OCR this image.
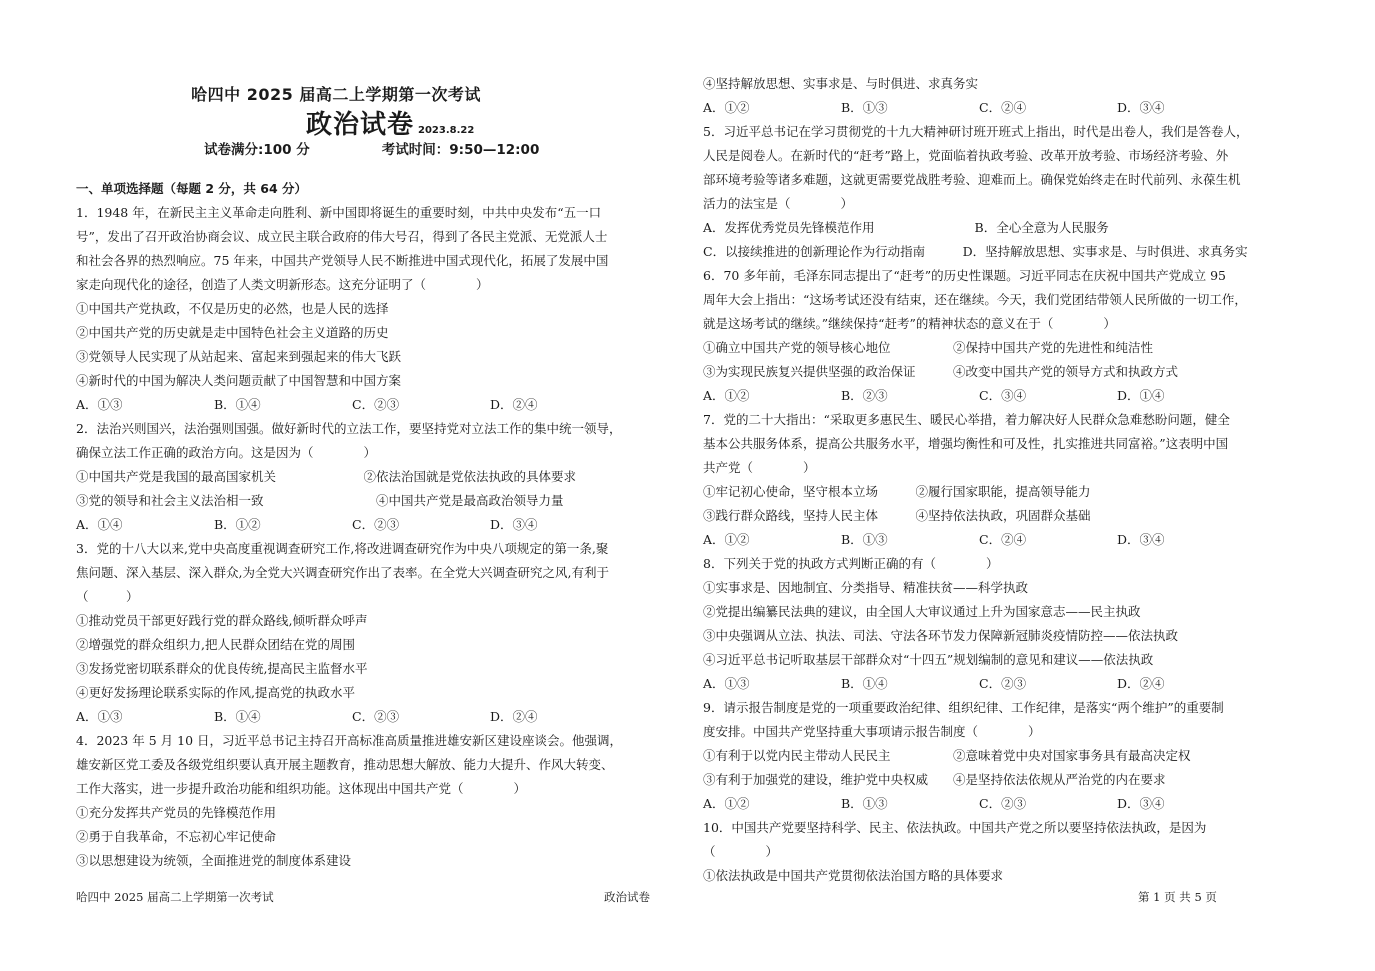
哈四中 2025 届高二上学期第一次考试
政治试卷 2023.8.22
试卷满分:100 分	考试时间：9:50—12:00
一、单项选择题（每题 2 分，共 64 分）
1．1948 年，在新民主主义革命走向胜利、新中国即将诞生的重要时刻，中共中央发布“五一口
号”，发出了召开政治协商会议、成立民主联合政府的伟大号召，得到了各民主党派、无党派人士
和社会各界的热烈响应。75 年来，中国共产党领导人民不断推进中国式现代化，拓展了发展中国
家走向现代化的途径，创造了人类文明新形态。这充分证明了（　　　　）
①中国共产党执政，不仅是历史的必然，也是人民的选择
②中国共产党的历史就是走中国特色社会主义道路的历史
③党领导人民实现了从站起来、富起来到强起来的伟大飞跃
④新时代的中国为解决人类问题贡献了中国智慧和中国方案
A．①③	B．①④	C．②③	D．②④
2．法治兴则国兴，法治强则国强。做好新时代的立法工作，要坚持党对立法工作的集中统一领导，
确保立法工作正确的政治方向。这是因为（　　　　）
①中国共产党是我国的最高国家机关　　　　　　　②依法治国就是党依法执政的具体要求
③党的领导和社会主义法治相一致　　　　　　　　　④中国共产党是最高政治领导力量
A．①④	B．①②	C．②③	D．③④
3．党的十八大以来,党中央高度重视调查研究工作,将改进调查研究作为中央八项规定的第一条,聚
焦问题、深入基层、深入群众,为全党大兴调查研究作出了表率。在全党大兴调查研究之风,有利于
（　　　）
①推动党员干部更好践行党的群众路线,倾听群众呼声
②增强党的群众组织力,把人民群众团结在党的周围
③发扬党密切联系群众的优良传统,提高民主监督水平
④更好发扬理论联系实际的作风,提高党的执政水平
A．①③	B．①④	C．②③	D．②④
4．2023 年 5 月 10 日，习近平总书记主持召开高标准高质量推进雄安新区建设座谈会。他强调，
雄安新区党工委及各级党组织要认真开展主题教育，推动思想大解放、能力大提升、作风大转变、
工作大落实，进一步提升政治功能和组织功能。这体现出中国共产党（　　　　）
①充分发挥共产党员的先锋模范作用
②勇于自我革命，不忘初心牢记使命
③以思想建设为统领，全面推进党的制度体系建设
④坚持解放思想、实事求是、与时俱进、求真务实
A．①②	B．①③	C．②④	D．③④
5．习近平总书记在学习贯彻党的十九大精神研讨班开班式上指出，时代是出卷人，我们是答卷人，
人民是阅卷人。在新时代的“赶考”路上，党面临着执政考验、改革开放考验、市场经济考验、外
部环境考验等诸多难题，这就更需要党战胜考验、迎难而上。确保党始终走在时代前列、永葆生机
活力的法宝是（　　　　）
A．发挥优秀党员先锋模范作用　　　　　　　　B．全心全意为人民服务
C．以接续推进的创新理论作为行动指南　　　D．坚持解放思想、实事求是、与时俱进、求真务实
6．70 多年前，毛泽东同志提出了“赶考”的历史性课题。习近平同志在庆祝中国共产党成立 95
周年大会上指出：“这场考试还没有结束，还在继续。今天，我们党团结带领人民所做的一切工作，
就是这场考试的继续。”继续保持“赶考”的精神状态的意义在于（　　　　）
①确立中国共产党的领导核心地位　　　　　②保持中国共产党的先进性和纯洁性
③为实现民族复兴提供坚强的政治保证　　　④改变中国共产党的领导方式和执政方式
A．①②	B．②③	C．③④	D．①④
7．党的二十大指出：“采取更多惠民生、暖民心举措，着力解决好人民群众急难愁盼问题，健全
基本公共服务体系，提高公共服务水平，增强均衡性和可及性，扎实推进共同富裕。”这表明中国
共产党（　　　　）
①牢记初心使命，坚守根本立场　　　②履行国家职能，提高领导能力
③践行群众路线，坚持人民主体　　　④坚持依法执政，巩固群众基础
A．①②	B．①③	C．②④	D．③④
8．下列关于党的执政方式判断正确的有（　　　　）
①实事求是、因地制宜、分类指导、精准扶贫——科学执政
②党提出编纂民法典的建议，由全国人大审议通过上升为国家意志——民主执政
③中央强调从立法、执法、司法、守法各环节发力保障新冠肺炎疫情防控——依法执政
④习近平总书记听取基层干部群众对“十四五”规划编制的意见和建议——依法执政
A．①③	B．①④	C．②③	D．②④
9．请示报告制度是党的一项重要政治纪律、组织纪律、工作纪律，是落实“两个维护”的重要制
度安排。中国共产党坚持重大事项请示报告制度（　　　　）
①有利于以党内民主带动人民民主　　　　　②意味着党中央对国家事务具有最高决定权
③有利于加强党的建设，维护党中央权威　　④是坚持依法依规从严治党的内在要求
A．①②	B．①③	C．②③	D．③④
10．中国共产党要坚持科学、民主、依法执政。中国共产党之所以要坚持依法执政，是因为
（　　　　）
①依法执政是中国共产党贯彻依法治国方略的具体要求
哈四中 2025 届高二上学期第一次考试	政治试卷	第 1 页 共 5 页
